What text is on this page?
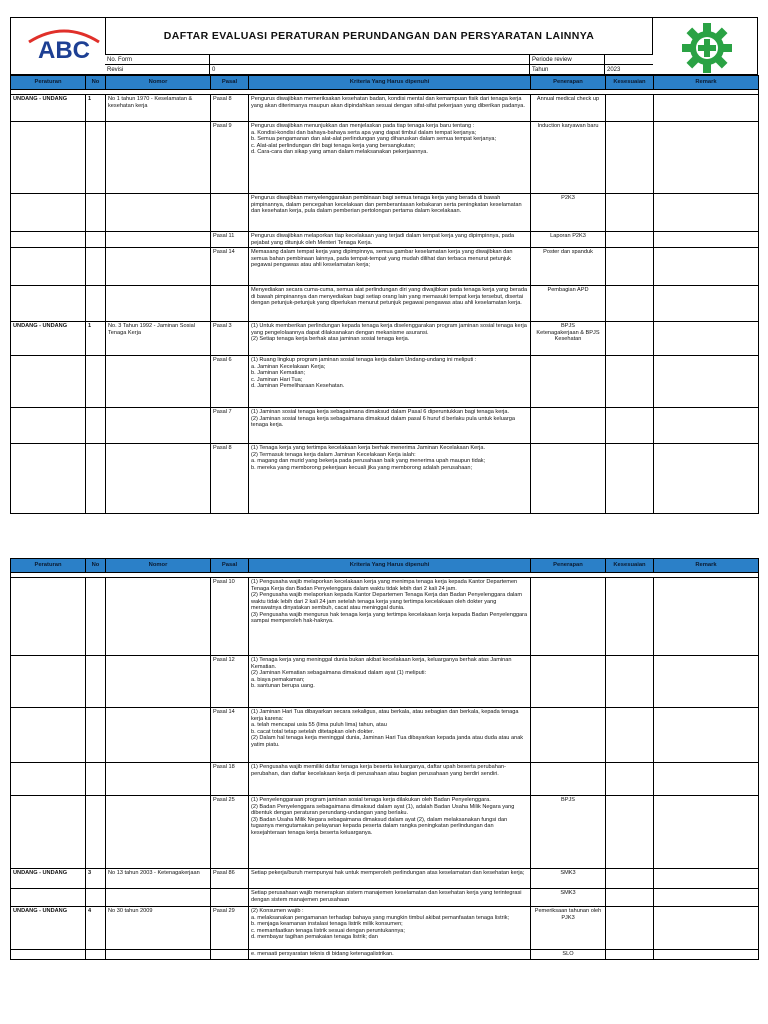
ABC
DAFTAR EVALUASI PERATURAN PERUNDANGAN DAN PERSYARATAN LAINNYA
No. Form	Periode review
Revisi	0	Tahun	2023
Peraturan	No	Nomor	Pasal	Kriteria Yang Harus dipenuhi	Penerapan	Kesesuaian	Remark

UNDANG - UNDANG	1	No 1 tahun 1970 - Keselamatan & kesehatan kerja	Pasal 8	Pengurus diwajibkan memeriksakan kesehatan badan, kondisi mental dan kemampuan fisik dari tenaga kerja yang akan diterimanya maupun akan dipindahkan sesuai dengan sifat-sifat pekerjaan yang diberikan padanya.	Annual medical check up		
			Pasal 9	Pengurus diwajibkan menunjukkan dan menjelaskan pada tiap tenaga kerja baru tentang :
a. Kondisi-kondisi dan bahaya-bahaya serta apa yang dapat timbul dalam tempat kerjanya;
b. Semua pengamanan dan alat-alat perlindungan yang diharuskan dalam semua tempat kerjanya;
c. Alat-alat perlindungan diri bagi tenaga kerja yang bersangkutan;
d. Cara-cara dan sikap yang aman dalam melaksanakan pekerjaannya.	Induction karyawan baru		
				Pengurus diwajibkan menyelenggarakan pembinaan bagi semua tenaga kerja yang berada di bawah pimpinannya, dalam pencegahan kecelakaan dan pemberantasan kebakaran serta peningkatan keselamatan dan kesehatan kerja, pula dalam pemberian pertolongan pertama dalam kecelakaan.	P2K3		
			Pasal 11	Pengurus diwajibkan melaporkan tiap kecelakaan yang terjadi dalam tempat kerja yang dipimpinnya, pada pejabat yang ditunjuk oleh Menteri Tenaga Kerja.	Laporan P2K3		
			Pasal 14	Memasang dalam tempat kerja yang dipimpinnya, semua gambar keselamatan kerja yang diwajibkan dan semua bahan pembinaan lainnya, pada tempat-tempat yang mudah dilihat dan terbaca menurut petunjuk pegawai pengawas atau ahli keselamatan kerja;	Poster dan spanduk		
				Menyediakan secara cuma-cuma, semua alat perlindungan diri yang diwajibkan pada tenaga kerja yang berada di bawah pimpinannya dan menyediakan bagi setiap orang lain yang memasuki tempat kerja tersebut, disertai dengan petunjuk-petunjuk yang diperlukan menurut petunjuk pegawai pengawas atau ahli keselamatan kerja.	Pembagian APD		
UNDANG - UNDANG	1	No. 3 Tahun 1992 - Jaminan Sosial Tenaga Kerja	Pasal 3	(1) Untuk memberikan perlindungan kepada tenaga kerja diselenggarakan program jaminan sosial tenaga kerja yang pengelolaannya dapat dilaksanakan dengan mekanisme asuransi.
(2) Setiap tenaga kerja berhak atas jaminan sosial tenaga kerja.	BPJS
Ketenagakerjaan & BPJS Kesehatan		
			Pasal 6	(1) Ruang lingkup program jaminan sosial tenaga kerja dalam Undang-undang ini meliputi :
a. Jaminan Kecelakaan Kerja;
b. Jaminan Kematian;
c. Jaminan Hari Tua;
d. Jaminan Pemeliharaan Kesehatan.			
			Pasal 7	(1) Jaminan sosial tenaga kerja sebagaimana dimaksud dalam Pasal 6 diperuntukkan bagi tenaga kerja.
(2) Jaminan sosial tenaga kerja sebagaimana dimaksud dalam pasal 6 huruf d berlaku pula untuk keluarga tenaga kerja.			
			Pasal 8	(1) Tenaga kerja yang tertimpa kecelakaan kerja berhak menerima Jaminan Kecelakaan Kerja.
(2) Termasuk tenaga kerja dalam Jaminan Kecelakaan Kerja ialah:
a. magang dan murid yang bekerja pada perusahaan baik yang menerima upah maupun tidak;
b. mereka yang memborong pekerjaan kecuali jika yang memborong adalah perusahaan;			
Peraturan	No	Nomor	Pasal	Kriteria Yang Harus dipenuhi	Penerapan	Kesesuaian	Remark

			Pasal 10	(1) Pengusaha wajib melaporkan kecelakaan kerja yang menimpa tenaga kerja kepada Kantor Departemen Tenaga Kerja dan Badan Penyelenggara dalam waktu tidak lebih dari 2 kali 24 jam.
(2) Pengusaha wajib melaporkan kepada Kantor Departemen Tenaga Kerja dan Badan Penyelenggara dalam waktu tidak lebih dari 2 kali 24 jam setelah tenaga kerja yang tertimpa kecelakaan oleh dokter yang merawatnya dinyatakan sembuh, cacat atau meninggal dunia.
(3) Pengusaha wajib mengurus hak tenaga kerja yang tertimpa kecelakaan kerja kepada Badan Penyelenggara sampai memperoleh hak-haknya.			
			Pasal 12	(1) Tenaga kerja yang meninggal dunia bukan akibat kecelakaan kerja, keluarganya berhak atas Jaminan Kematian.
(2) Jaminan Kematian sebagaimana dimaksud dalam ayat (1) meliputi:
a. biaya pemakaman;
b. santunan berupa uang.			
			Pasal 14	(1) Jaminan Hari Tua dibayarkan secara sekaligus, atau berkala, atau sebagian dan berkala, kepada tenaga kerja karena:
a. telah mencapai usia 55 (lima puluh lima) tahun, atau
b. cacat total tetap setelah ditetapkan oleh dokter.
(2) Dalam hal tenaga kerja meninggal dunia, Jaminan Hari Tua dibayarkan kepada janda atau duda atau anak yatim piatu.			
			Pasal 18	(1) Pengusaha wajib memiliki daftar tenaga kerja beserta keluarganya, daftar upah beserta perubahan-perubahan, dan daftar kecelakaan kerja di perusahaan atau bagian perusahaan yang berdiri sendiri.			
			Pasal 25	(1) Penyelenggaraan program jaminan sosial tenaga kerja dilakukan oleh Badan Penyelenggara.
(2) Badan Penyelenggara sebagaimana dimaksud dalam ayat (1), adalah Badan Usaha Milik Negara yang dibentuk dengan peraturan perundang-undangan yang berlaku.
(3) Badan Usaha Milik Negara sebagaimana dimaksud dalam ayat (2), dalam melaksanakan fungsi dan tugasnya mengutamakan pelayanan kepada peserta dalam rangka peningkatan perlindungan dan kesejahteraan tenaga kerja beserta keluarganya.	BPJS		
UNDANG - UNDANG	3	No 13 tahun 2003 - Ketenagakerjaan	Pasal 86	Setiap pekerja/buruh mempunyai hak untuk memperoleh perlindungan atas keselamatan dan kesehatan kerja;	SMK3		
				Setiap perusahaan wajib menerapkan sistem manajemen keselamatan dan kesehatan kerja yang terintegrasi dengan sistem manajemen perusahaan	SMK3		
UNDANG - UNDANG	4	No 30 tahun 2009	Pasal 29	(2) Konsumen wajib :
a. melaksanakan pengamanan terhadap bahaya yang mungkin timbul akibat pemanfaatan tenaga listrik;
b. menjaga keamanan instalasi tenaga listrik milik konsumen;
c. memanfaatkan tenaga listrik sesuai dengan peruntukannya;
d. membayar tagihan pemakaian tenaga listrik; dan	Pemeriksaan tahunan oleh PJK3		
				e. menaati persyaratan teknis di bidang ketenagalistrikan.	SLO		
